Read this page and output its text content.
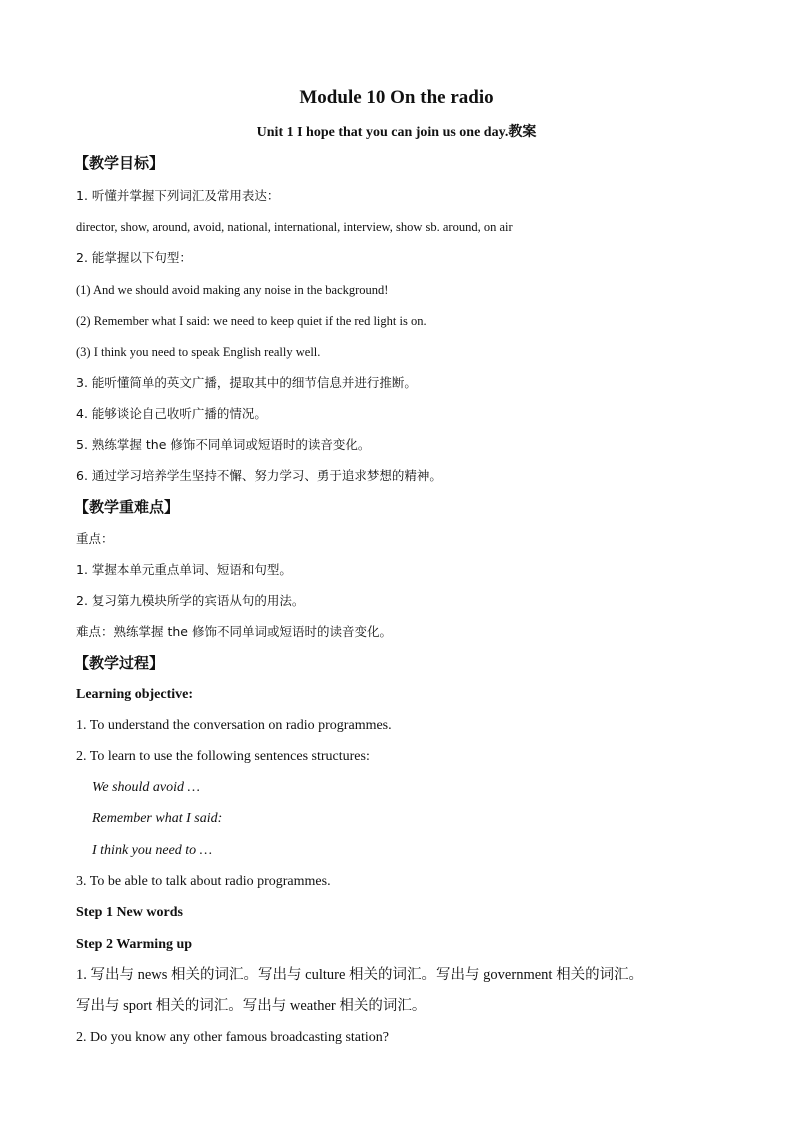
Module 10 On the radio
Unit 1 I hope that you can join us one day.教案
【教学目标】
1. 听懂并掌握下列词汇及常用表达：
director, show, around, avoid, national, international, interview, show sb. around, on air
2. 能掌握以下句型：
(1) And we should avoid making any noise in the background!
(2) Remember what I said: we need to keep quiet if the red light is on.
(3) I think you need to speak English really well.
3. 能听懂简单的英文广播，提取其中的细节信息并进行推断。
4. 能够谈论自己收听广播的情况。
5. 熟练掌握 the 修饰不同单词或短语时的读音变化。
6. 通过学习培养学生坚持不懈、努力学习、勇于追求梦想的精神。
【教学重难点】
重点：
1. 掌握本单元重点单词、短语和句型。
2. 复习第九模块所学的宾语从句的用法。
难点：熟练掌握 the 修饰不同单词或短语时的读音变化。
【教学过程】
Learning objective:
1. To understand the conversation on radio programmes.
2. To learn to use the following sentences structures:
We should avoid …
Remember what I said:
I think you need to …
3. To be able to talk about radio programmes.
Step 1 New words
Step 2 Warming up
1. 写出与 news 相关的词汇。写出与 culture 相关的词汇。写出与 government 相关的词汇。
写出与 sport 相关的词汇。写出与 weather 相关的词汇。
2. Do you know any other famous broadcasting station?
